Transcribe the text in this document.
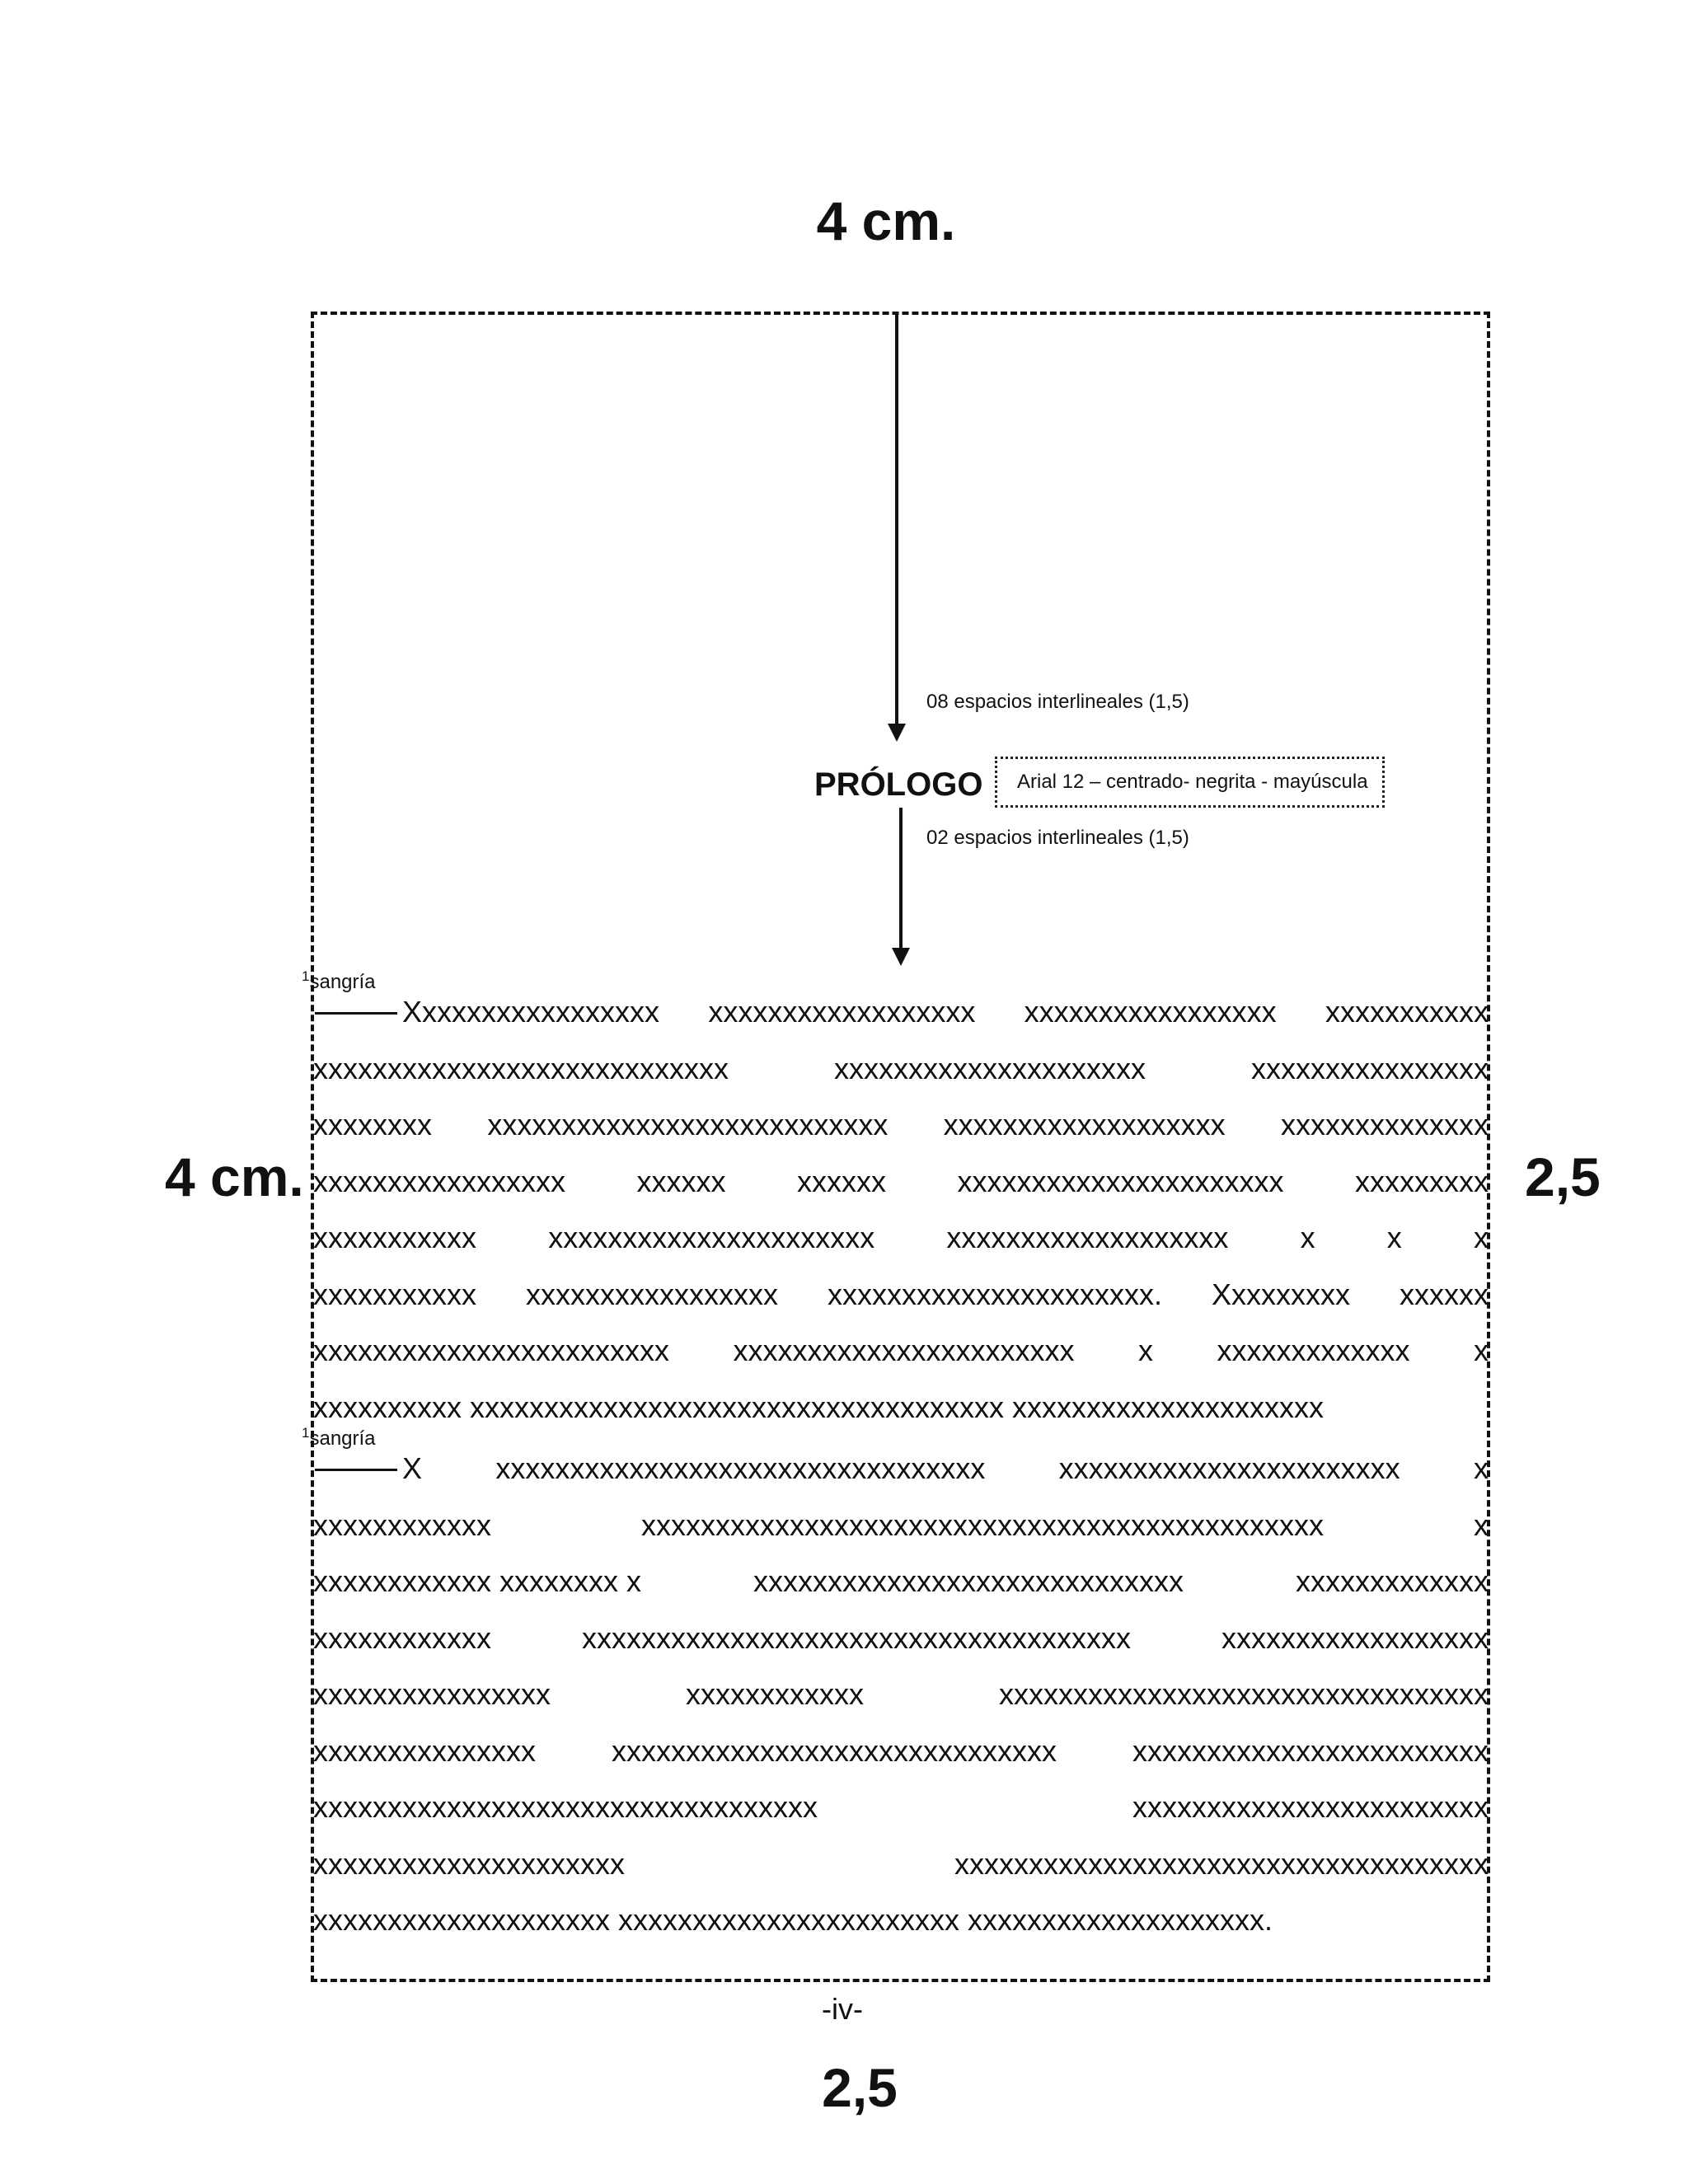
4 cm.
4 cm.	2,5
2,5
08 espacios interlineales (1,5)
PRÓLOGO Arial 12 – centrado- negrita - mayúscula
02 espacios interlineales (1,5)
$^1$sangría
$^1$sangría
Xxxxxxxxxxxxxxxxx xxxxxxxxxxxxxxxxxx xxxxxxxxxxxxxxxxx xxxxxxxxxxx
xxxxxxxxxxxxxxxxxxxxxxxxxxxx	xxxxxxxxxxxxxxxxxxxxx	xxxxxxxxxxxxxxxx
xxxxxxxx xxxxxxxxxxxxxxxxxxxxxxxxxxx xxxxxxxxxxxxxxxxxxx xxxxxxxxxxxxxx
xxxxxxxxxxxxxxxxx xxxxxx xxxxxx xxxxxxxxxxxxxxxxxxxxxx xxxxxxxxx
xxxxxxxxxxx xxxxxxxxxxxxxxxxxxxxxx xxxxxxxxxxxxxxxxxxx x x x
xxxxxxxxxxx xxxxxxxxxxxxxxxxx xxxxxxxxxxxxxxxxxxxxxx. Xxxxxxxxx xxxxxx
xxxxxxxxxxxxxxxxxxxxxxxx xxxxxxxxxxxxxxxxxxxxxxx x xxxxxxxxxxxxx x
xxxxxxxxxx xxxxxxxxxxxxxxxxxxxxxxxxxxxxxxxxxxxx xxxxxxxxxxxxxxxxxxxxx
X xxxxxxxxxxxxxxxxxxxxxxxxxxxxxxxxx xxxxxxxxxxxxxxxxxxxxxxx x
xxxxxxxxxxxx	xxxxxxxxxxxxxxxxxxxxxxxxxxxxxxxxxxxxxxxxxxxxxx	x
xxxxxxxxxxxx xxxxxxxx x	xxxxxxxxxxxxxxxxxxxxxxxxxxxxx	xxxxxxxxxxxxx
xxxxxxxxxxxx	xxxxxxxxxxxxxxxxxxxxxxxxxxxxxxxxxxxxx	xxxxxxxxxxxxxxxxxx
xxxxxxxxxxxxxxxx	xxxxxxxxxxxx	xxxxxxxxxxxxxxxxxxxxxxxxxxxxxxxxx
xxxxxxxxxxxxxxx	xxxxxxxxxxxxxxxxxxxxxxxxxxxxxx	xxxxxxxxxxxxxxxxxxxxxxxx
xxxxxxxxxxxxxxxxxxxxxxxxxxxxxxxxxx	xxxxxxxxxxxxxxxxxxxxxxxx
xxxxxxxxxxxxxxxxxxxxx	xxxxxxxxxxxxxxxxxxxxxxxxxxxxxxxxxxxx
xxxxxxxxxxxxxxxxxxxx xxxxxxxxxxxxxxxxxxxxxxx xxxxxxxxxxxxxxxxxxxx.
-iv-
